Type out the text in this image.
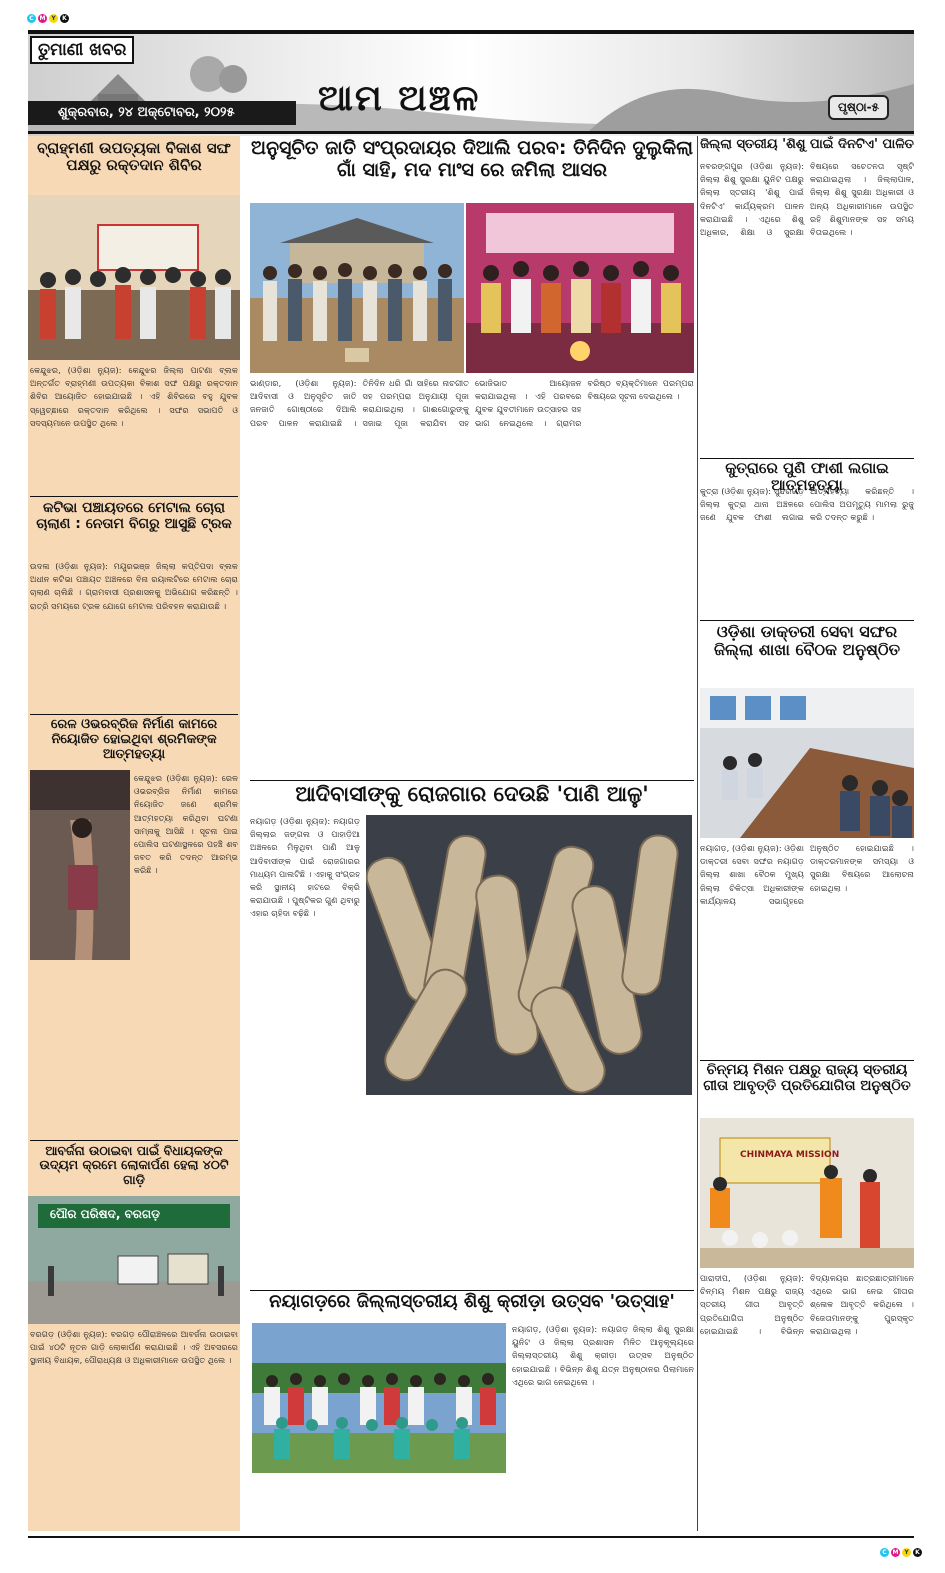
C M Y	K
C M Y	K
ତୁମାଣୀ ଖବର
ଶୁକ୍ରବାର, ୨୪ ଅକ୍ଟୋବର, ୨୦୨୫	ଆମ ଅଞ୍ଚଳ	ପୃଷ୍ଠା-୫
ବ୍ରାହ୍ମଣୀ ଉପତ୍ୟକା ବିକାଶ ସଙ୍ଘ ପକ୍ଷରୁ ରକ୍ତଦାନ ଶିବିର
କେନ୍ଦୁଝର, (ଓଡ଼ିଶା ନ୍ୟୁଜ): କେନ୍ଦୁଝର ଜିଲ୍ଲା ପାଟଣା ବ୍ଲକ ଅନ୍ତର୍ଗତ ବ୍ରାହ୍ମଣୀ ଉପତ୍ୟକା ବିକାଶ ସଙ୍ଘ ପକ୍ଷରୁ ରକ୍ତଦାନ ଶିବିର ଆୟୋଜିତ ହୋଇଯାଇଛି । ଏହି ଶିବିରରେ ବହୁ ଯୁବକ ସ୍ୱେଚ୍ଛାରେ ରକ୍ତଦାନ କରିଥିଲେ । ସଙ୍ଘର ସଭାପତି ଓ ସଦସ୍ୟମାନେ ଉପସ୍ଥିତ ଥିଲେ ।
କଟିଭା ପଞ୍ଚାୟତରେ ମେଟାଲ ଚୋରା ଚାଲାଣ : ନେତାମ ବିଗରୁ ଆସୁଛି ଟ୍ରକ
ଉଦଳା (ଓଡ଼ିଶା ନ୍ୟୁଜ): ମୟୂରଭଞ୍ଜ ଜିଲ୍ଲା କପ୍ତିପଦା ବ୍ଲକ ଅଧୀନ କଟିଭା ପଞ୍ଚାୟତ ଅଞ୍ଚଳରେ ବିନା ରୟାଲଟିରେ ମେଟାଲ ଚୋରା ଚାଲାଣ ଚାଲିଛି । ଗ୍ରାମବାସୀ ପ୍ରଶାସନକୁ ଅଭିଯୋଗ କରିଛନ୍ତି । ରାତ୍ରି ସମୟରେ ଟ୍ରକ ଯୋଗେ ମେଟାଲ ପରିବହନ କରାଯାଉଛି ।
ରେଳ ଓଭରବ୍ରିଜ ନିର୍ମାଣ କାମରେ ନିୟୋଜିତ ହୋଇଥିବା ଶ୍ରମିକଙ୍କ ଆତ୍ମହତ୍ୟା
କେନ୍ଦୁଝର (ଓଡ଼ିଶା ନ୍ୟୁଜ): ରେଳ ଓଭରବ୍ରିଜ ନିର୍ମାଣ କାମରେ ନିୟୋଜିତ ଜଣେ ଶ୍ରମିକ ଆତ୍ମହତ୍ୟା କରିଥିବା ଘଟଣା ସାମ୍ନାକୁ ଆସିଛି । ସୂଚନା ପାଇ ପୋଲିସ ଘଟଣାସ୍ଥଳରେ ପହଞ୍ଚି ଶବ ଜବତ କରି ତଦନ୍ତ ଆରମ୍ଭ କରିଛି ।
ଆବର୍ଜନା ଉଠାଇବା ପାଇଁ ବିଧାୟକଙ୍କ ଉଦ୍ୟମ କ୍ରମେ ଲୋକାର୍ପଣ ହେଲା ୪୦ଟି ଗାଡ଼ି
ପୌର ପରିଷଦ, ବରଗଡ଼
ବରଗଡ଼ (ଓଡ଼ିଶା ନ୍ୟୁଜ): ବରଗଡ଼ ପୌରାଞ୍ଚଳରେ ଆବର୍ଜନା ଉଠାଇବା ପାଇଁ ୪୦ଟି ନୂତନ ଗାଡ଼ି ଲୋକାର୍ପଣ କରାଯାଇଛି । ଏହି ଅବସରରେ ସ୍ଥାନୀୟ ବିଧାୟକ, ପୌରାଧ୍ୟକ୍ଷ ଓ ଅଧିକାରୀମାନେ ଉପସ୍ଥିତ ଥିଲେ ।
ଅନୁସୂଚିତ ଜାତି ସଂପ୍ରଦାୟର ଦିଆଲି ପରବ: ତିନିଦିନ ଦୁଲୁକିଲା ଗାଁ ସାହି, ମଦ ମାଂସ ରେ ଜମିଲା ଆସର
ଭାଣ୍ଡାର, (ଓଡ଼ିଶା ନ୍ୟୁଜ): ଆଦିବାସୀ ଓ ଅନୁସୂଚିତ ଜାତି ଜନଜାତି ଗୋଷ୍ଠୀରେ ଦିଆଲି ପରବ ପାଳନ କରାଯାଇଛି । ତିନିଦିନ ଧରି ଗାଁ ସାହିରେ ନାଚଗୀତ ସହ ପରମ୍ପରା ଅନୁଯାୟୀ ପୂଜା କରାଯାଇଥିଲା । ଗାଈଗୋରୁଙ୍କୁ ସଜାଇ ପୂଜା କରାଯିବା ସହ ଭୋଜିଭାତ ଆୟୋଜନ କରାଯାଇଥିଲା । ଏହି ପରବରେ ଯୁବକ ଯୁବତୀମାନେ ଉତ୍ସାହର ସହ ଭାଗ ନେଇଥିଲେ । ଗ୍ରାମର ବରିଷ୍ଠ ବ୍ୟକ୍ତିମାନେ ପରମ୍ପରା ବିଷୟରେ ସୂଚନା ଦେଇଥିଲେ ।
ଆଦିବାସୀଙ୍କୁ ରୋଜଗାର ଦେଉଛି 'ପାଣି ଆଳୁ'
ନୟାଗଡ଼ (ଓଡ଼ିଶା ନ୍ୟୁଜ): ନୟାଗଡ଼ ଜିଲ୍ଲାର ଜଙ୍ଗଲ ଓ ପାହାଡ଼ିଆ ଅଞ୍ଚଳରେ ମିଳୁଥିବା ପାଣି ଆଳୁ ଆଦିବାସୀଙ୍କ ପାଇଁ ରୋଜଗାରର ମାଧ୍ୟମ ପାଲଟିଛି । ଏହାକୁ ସଂଗ୍ରହ କରି ସ୍ଥାନୀୟ ହାଟରେ ବିକ୍ରି କରାଯାଉଛି । ପୁଷ୍ଟିକର ଗୁଣ ଥିବାରୁ ଏହାର ଚାହିଦା ବଢ଼ିଛି ।
ନୟାଗଡ଼ରେ ଜିଲ୍ଲାସ୍ତରୀୟ ଶିଶୁ କ୍ରୀଡ଼ା ଉତ୍ସବ 'ଉତ୍ସାହ'
ନୟାଗଡ଼, (ଓଡ଼ିଶା ନ୍ୟୁଜ): ନୟାଗଡ଼ ଜିଲ୍ଲା ଶିଶୁ ସୁରକ୍ଷା ୟୁନିଟ ଓ ଜିଲ୍ଲା ପ୍ରଶାସନ ମିଳିତ ଆନୁକୂଲ୍ୟରେ ଜିଲ୍ଲାସ୍ତରୀୟ ଶିଶୁ କ୍ରୀଡ଼ା ଉତ୍ସବ ଅନୁଷ୍ଠିତ ହୋଇଯାଇଛି । ବିଭିନ୍ନ ଶିଶୁ ଯତ୍ନ ଅନୁଷ୍ଠାନର ପିଲାମାନେ ଏଥିରେ ଭାଗ ନେଇଥିଲେ ।
ଜିଲ୍ଲା ସ୍ତରୀୟ 'ଶିଶୁ ପାଇଁ ଦିନଟିଏ' ପାଳିତ
ନବରଙ୍ଗପୁର (ଓଡ଼ିଶା ନ୍ୟୁଜ): ଜିଲ୍ଲା ଶିଶୁ ସୁରକ୍ଷା ୟୁନିଟ ପକ୍ଷରୁ ଜିଲ୍ଲା ସ୍ତରୀୟ 'ଶିଶୁ ପାଇଁ ଦିନଟିଏ' କାର୍ଯ୍ୟକ୍ରମ ପାଳନ କରାଯାଇଛି । ଏଥିରେ ଶିଶୁ ଅଧିକାର, ଶିକ୍ଷା ଓ ସୁରକ୍ଷା ବିଷୟରେ ସଚେତନତା ସୃଷ୍ଟି କରାଯାଇଥିଲା । ଜିଲ୍ଲାପାଳ, ଜିଲ୍ଲା ଶିଶୁ ସୁରକ୍ଷା ଅଧିକାରୀ ଓ ଅନ୍ୟ ଅଧିକାରୀମାନେ ଉପସ୍ଥିତ ରହି ଶିଶୁମାନଙ୍କ ସହ ସମୟ ବିତାଇଥିଲେ ।
କୁତ୍ରାରେ ପୁଣି ଫାଶୀ ଲଗାଇ ଆତ୍ମହତ୍ୟା
କୁତ୍ରା (ଓଡ଼ିଶା ନ୍ୟୁଜ): ସୁନ୍ଦରଗଡ଼ ଜିଲ୍ଲା କୁତ୍ରା ଥାନା ଅଞ୍ଚଳରେ ଜଣେ ଯୁବକ ଫାଶୀ ଲଗାଇ ଆତ୍ମହତ୍ୟା କରିଛନ୍ତି । ପୋଲିସ ଅପମୃତ୍ୟୁ ମାମଲା ରୁଜୁ କରି ତଦନ୍ତ କରୁଛି ।
ଓଡ଼ିଶା ଡାକ୍ତରୀ ସେବା ସଙ୍ଘର ଜିଲ୍ଲା ଶାଖା ବୈଠକ ଅନୁଷ୍ଠିତ
ନୟାଗଡ଼, (ଓଡ଼ିଶା ନ୍ୟୁଜ): ଓଡ଼ିଶା ଡାକ୍ତରୀ ସେବା ସଙ୍ଘର ନୟାଗଡ଼ ଜିଲ୍ଲା ଶାଖା ବୈଠକ ମୁଖ୍ୟ ଜିଲ୍ଲା ଚିକିତ୍ସା ଅଧିକାରୀଙ୍କ କାର୍ଯ୍ୟାଳୟ ସଭାଗୃହରେ ଅନୁଷ୍ଠିତ ହୋଇଯାଇଛି । ଡାକ୍ତରମାନଙ୍କ ସମସ୍ୟା ଓ ସୁରକ୍ଷା ବିଷୟରେ ଆଲୋଚନା ହୋଇଥିଲା ।
ଚିନ୍ମୟ ମିଶନ ପକ୍ଷରୁ ରାଜ୍ୟ ସ୍ତରୀୟ ଗୀତା ଆବୃତ୍ତି ପ୍ରତିଯୋଗିତା ଅନୁଷ୍ଠିତ
CHINMAYA MISSION
ପାରାଦୀପ, (ଓଡ଼ିଶା ନ୍ୟୁଜ): ଚିନ୍ମୟ ମିଶନ ପକ୍ଷରୁ ରାଜ୍ୟ ସ୍ତରୀୟ ଗୀତା ଆବୃତ୍ତି ପ୍ରତିଯୋଗିତା ଅନୁଷ୍ଠିତ ହୋଇଯାଇଛି । ବିଭିନ୍ନ ବିଦ୍ୟାଳୟର ଛାତ୍ରଛାତ୍ରୀମାନେ ଏଥିରେ ଭାଗ ନେଇ ଗୀତାର ଶ୍ଳୋକ ଆବୃତ୍ତି କରିଥିଲେ । ବିଜେତାମାନଙ୍କୁ ପୁରସ୍କୃତ କରାଯାଇଥିଲା ।
